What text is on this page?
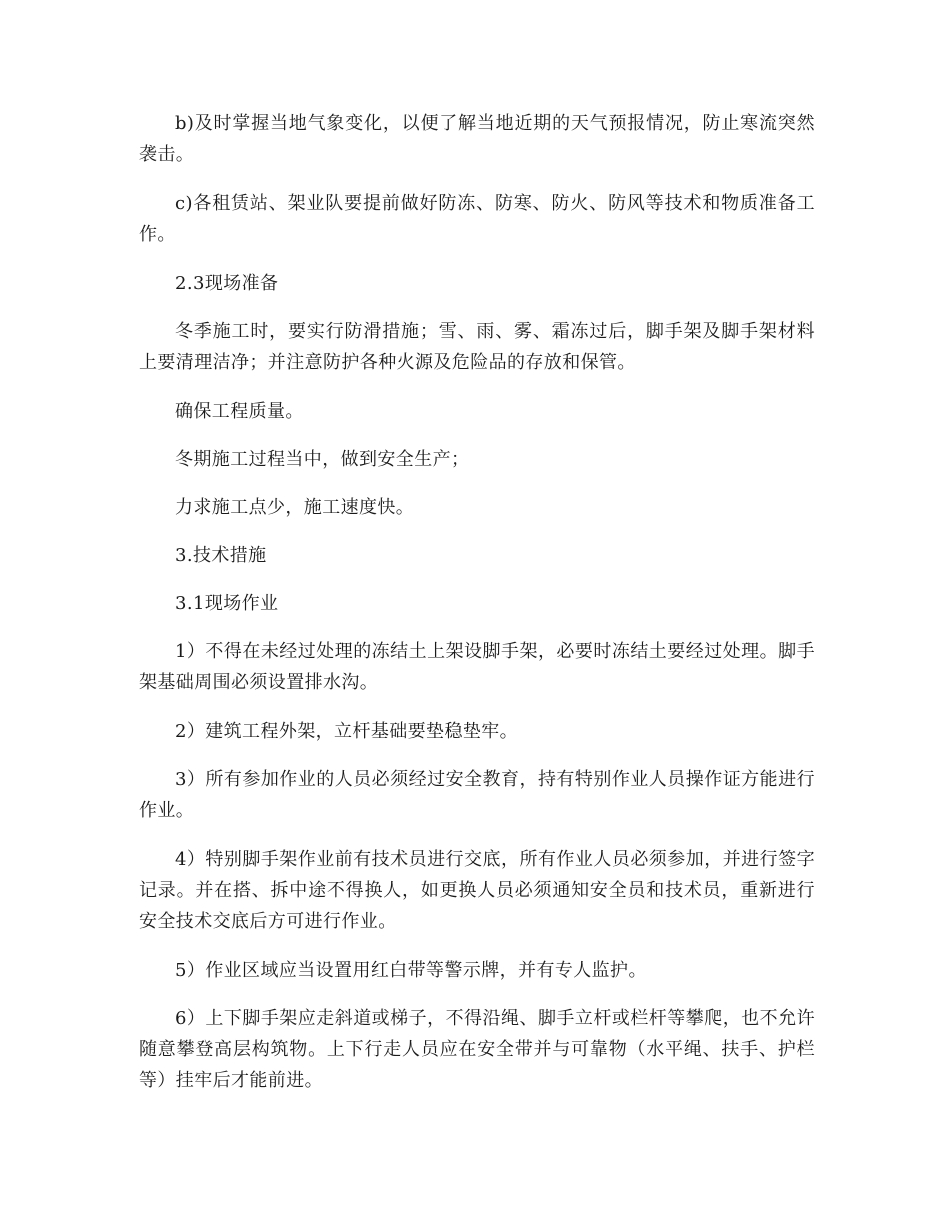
b)及时掌握当地气象变化，以便了解当地近期的天气预报情况，防止寒流突然袭击。

c)各租赁站、架业队要提前做好防冻、防寒、防火、防风等技术和物质准备工作。

2.3现场准备

冬季施工时，要实行防滑措施；雪、雨、雾、霜冻过后，脚手架及脚手架材料上要清理洁净；并注意防护各种火源及危险品的存放和保管。

确保工程质量。

冬期施工过程当中，做到安全生产；

力求施工点少，施工速度快。

3.技术措施

3.1现场作业

1）不得在未经过处理的冻结土上架设脚手架，必要时冻结土要经过处理。脚手架基础周围必须设置排水沟。

2）建筑工程外架，立杆基础要垫稳垫牢。

3）所有参加作业的人员必须经过安全教育，持有特别作业人员操作证方能进行作业。

4）特别脚手架作业前有技术员进行交底，所有作业人员必须参加，并进行签字记录。并在搭、拆中途不得换人，如更换人员必须通知安全员和技术员，重新进行安全技术交底后方可进行作业。

5）作业区域应当设置用红白带等警示牌，并有专人监护。

6）上下脚手架应走斜道或梯子，不得沿绳、脚手立杆或栏杆等攀爬，也不允许随意攀登高层构筑物。上下行走人员应在安全带并与可靠物（水平绳、扶手、护栏等）挂牢后才能前进。
